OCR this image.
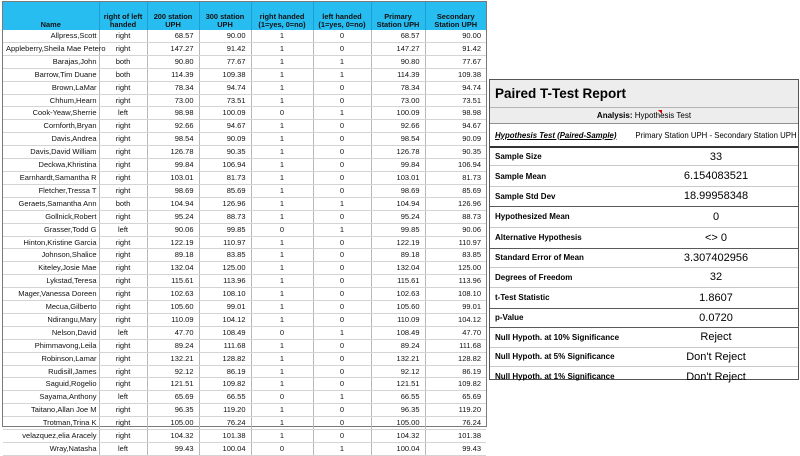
Name	right of left handed	200 station UPH	300 station UPH	right handed (1=yes, 0=no)	left handed (1=yes, 0=no)	Primary Station UPH	Secondary Station UPH
Allpress,Scott	right	68.57	90.00	1	0	68.57	90.00
Appleberry,Sheila Mae Petero	right	147.27	91.42	1	0	147.27	91.42
Barajas,John	both	90.80	77.67	1	1	90.80	77.67
Barrow,Tim Duane	both	114.39	109.38	1	1	114.39	109.38
Brown,LaMar	right	78.34	94.74	1	0	78.34	94.74
Chhum,Hearn	right	73.00	73.51	1	0	73.00	73.51
Cook-Yeaw,Sherrie	left	98.98	100.09	0	1	100.09	98.98
Cornforth,Bryan	right	92.66	94.67	1	0	92.66	94.67
Davis,Andrea	right	98.54	90.09	1	0	98.54	90.09
Davis,David William	right	126.78	90.35	1	0	126.78	90.35
Deckwa,Khristina	right	99.84	106.94	1	0	99.84	106.94
Earnhardt,Samantha R	right	103.01	81.73	1	0	103.01	81.73
Fletcher,Tressa T	right	98.69	85.69	1	0	98.69	85.69
Geraets,Samantha Ann	both	104.94	126.96	1	1	104.94	126.96
Gollnick,Robert	right	95.24	88.73	1	0	95.24	88.73
Grasser,Todd G	left	90.06	99.85	0	1	99.85	90.06
Hinton,Kristine Garcia	right	122.19	110.97	1	0	122.19	110.97
Johnson,Shalice	right	89.18	83.85	1	0	89.18	83.85
Kiteley,Josie Mae	right	132.04	125.00	1	0	132.04	125.00
Lykstad,Teresa	right	115.61	113.96	1	0	115.61	113.96
Mager,Vanessa Doreen	right	102.63	108.10	1	0	102.63	108.10
Mecua,Gilberto	right	105.60	99.01	1	0	105.60	99.01
Ndirangu,Mary	right	110.09	104.12	1	0	110.09	104.12
Nelson,David	left	47.70	108.49	0	1	108.49	47.70
Phimmavong,Leila	right	89.24	111.68	1	0	89.24	111.68
Robinson,Lamar	right	132.21	128.82	1	0	132.21	128.82
Rudisill,James	right	92.12	86.19	1	0	92.12	86.19
Saguid,Rogelio	right	121.51	109.82	1	0	121.51	109.82
Sayama,Anthony	left	65.69	66.55	0	1	66.55	65.69
Taitano,Allan Joe M	right	96.35	119.20	1	0	96.35	119.20
Trotman,Trina K	right	105.00	76.24	1	0	105.00	76.24
velazquez,elia Aracely	right	104.32	101.38	1	0	104.32	101.38
Wray,Natasha	left	99.43	100.04	0	1	100.04	99.43
Paired T-Test Report
Analysis: Hypothesis Test
Hypothesis Test (Paired-Sample)	Primary Station UPH - Secondary Station UPH
Sample Size	33
Sample Mean	6.154083521
Sample Std Dev	18.99958348
Hypothesized Mean	0
Alternative Hypothesis	<> 0
Standard Error of Mean	3.307402956
Degrees of Freedom	32
t-Test Statistic	1.8607
p-Value	0.0720
Null Hypoth. at 10% Significance	Reject
Null Hypoth. at 5% Significance	Don't Reject
Null Hypoth. at 1% Significance	Don't Reject
